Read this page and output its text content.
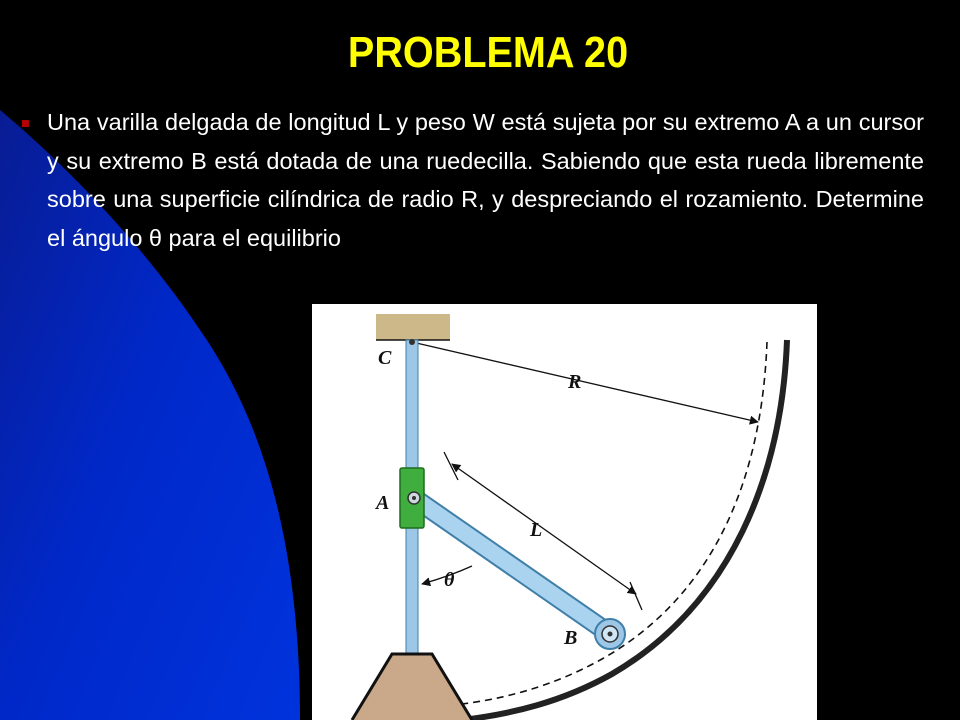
PROBLEMA 20
Una varilla delgada de longitud L y peso W está sujeta por su extremo A a un cursor y su extremo B está dotada de una ruedecilla. Sabiendo que esta rueda libremente sobre una superficie cilíndrica de radio R, y despreciando el rozamiento. Determine el ángulo θ para el equilibrio
C
R
A
L
θ
B
